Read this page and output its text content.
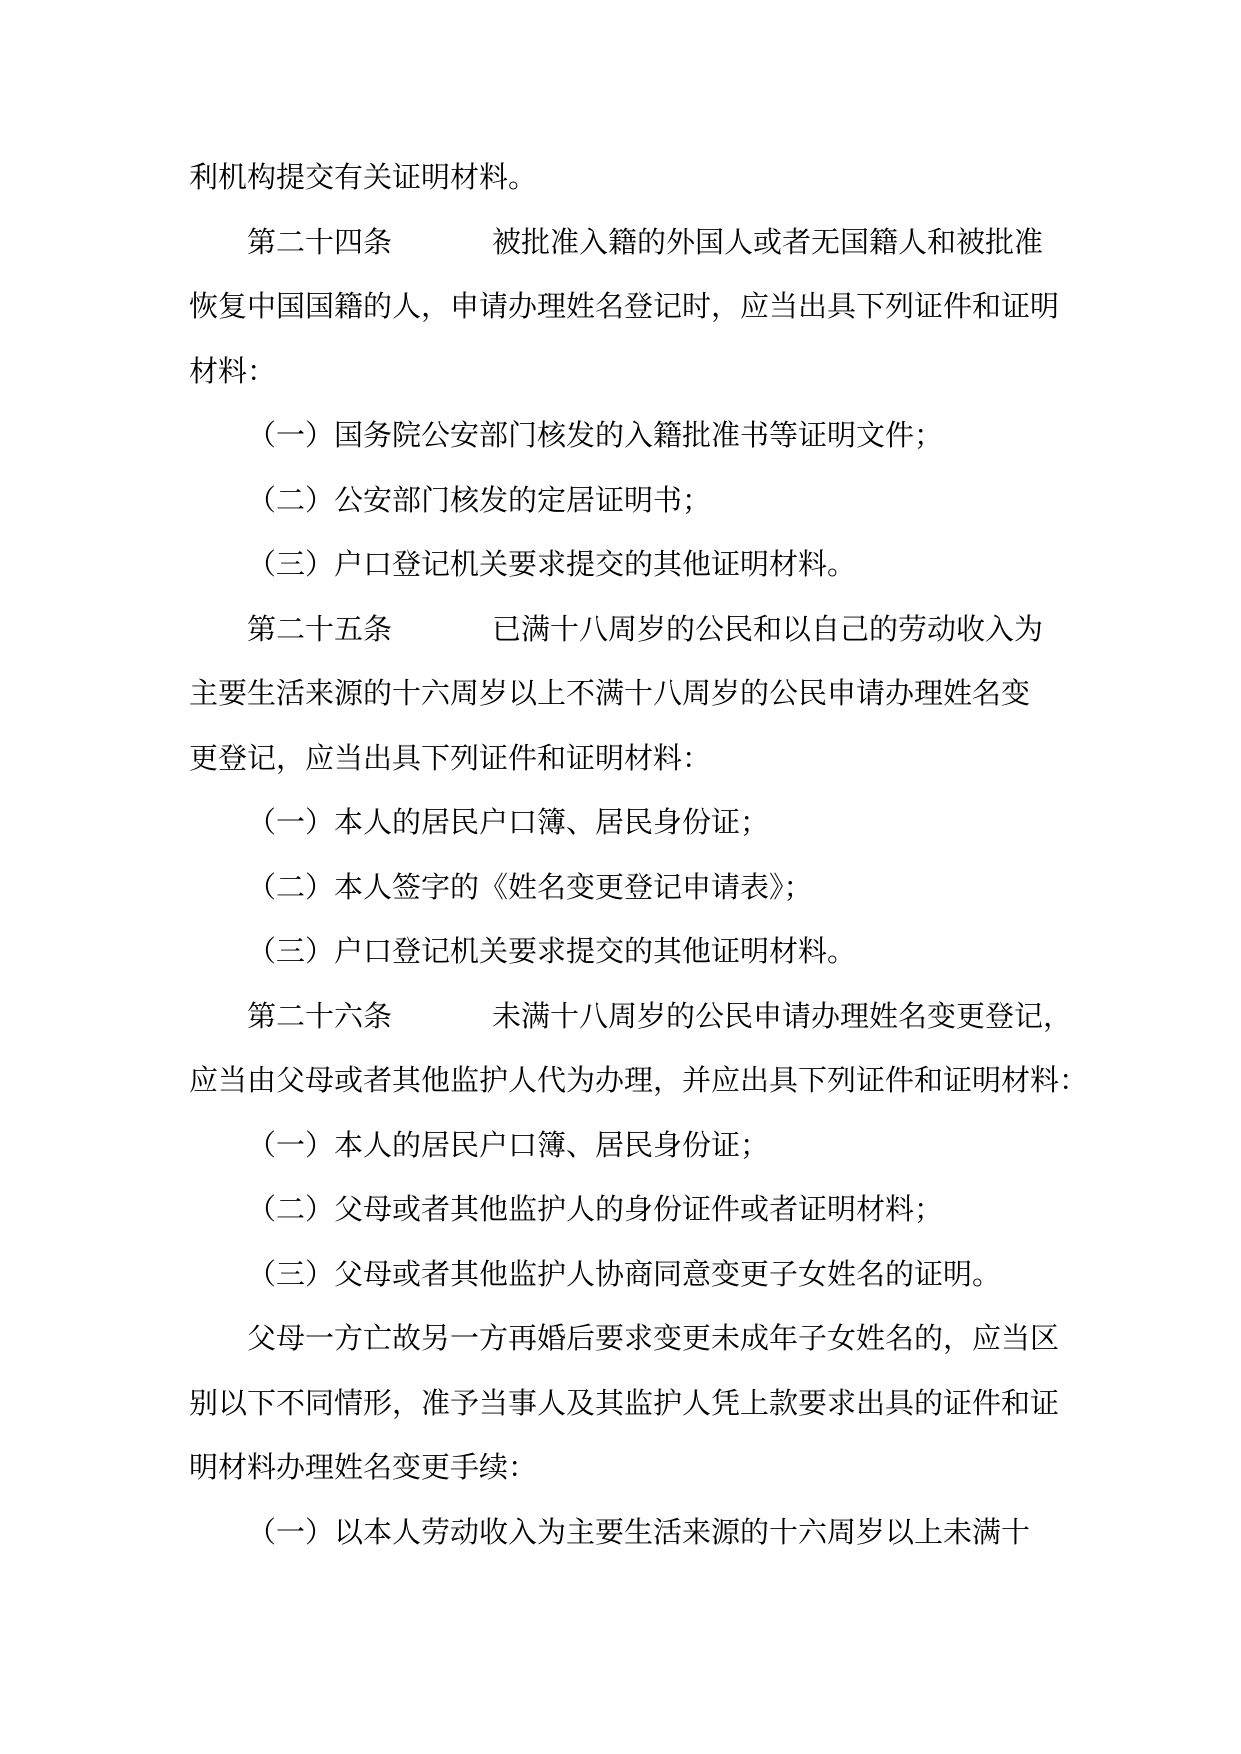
利机构提交有关证明材料。
第二十四条	被批准入籍的外国人或者无国籍人和被批准
恢复中国国籍的人，申请办理姓名登记时，应当出具下列证件和证明
材料：
（一）国务院公安部门核发的入籍批准书等证明文件；
（二）公安部门核发的定居证明书；
（三）户口登记机关要求提交的其他证明材料。
第二十五条	已满十八周岁的公民和以自己的劳动收入为
主要生活来源的十六周岁以上不满十八周岁的公民申请办理姓名变
更登记，应当出具下列证件和证明材料：
（一）本人的居民户口簿、居民身份证；
（二）本人签字的《姓名变更登记申请表》；
（三）户口登记机关要求提交的其他证明材料。
第二十六条	未满十八周岁的公民申请办理姓名变更登记，
应当由父母或者其他监护人代为办理，并应出具下列证件和证明材料：
（一）本人的居民户口簿、居民身份证；
（二）父母或者其他监护人的身份证件或者证明材料；
（三）父母或者其他监护人协商同意变更子女姓名的证明。
父母一方亡故另一方再婚后要求变更未成年子女姓名的，应当区
别以下不同情形，准予当事人及其监护人凭上款要求出具的证件和证
明材料办理姓名变更手续：
（一）以本人劳动收入为主要生活来源的十六周岁以上未满十
